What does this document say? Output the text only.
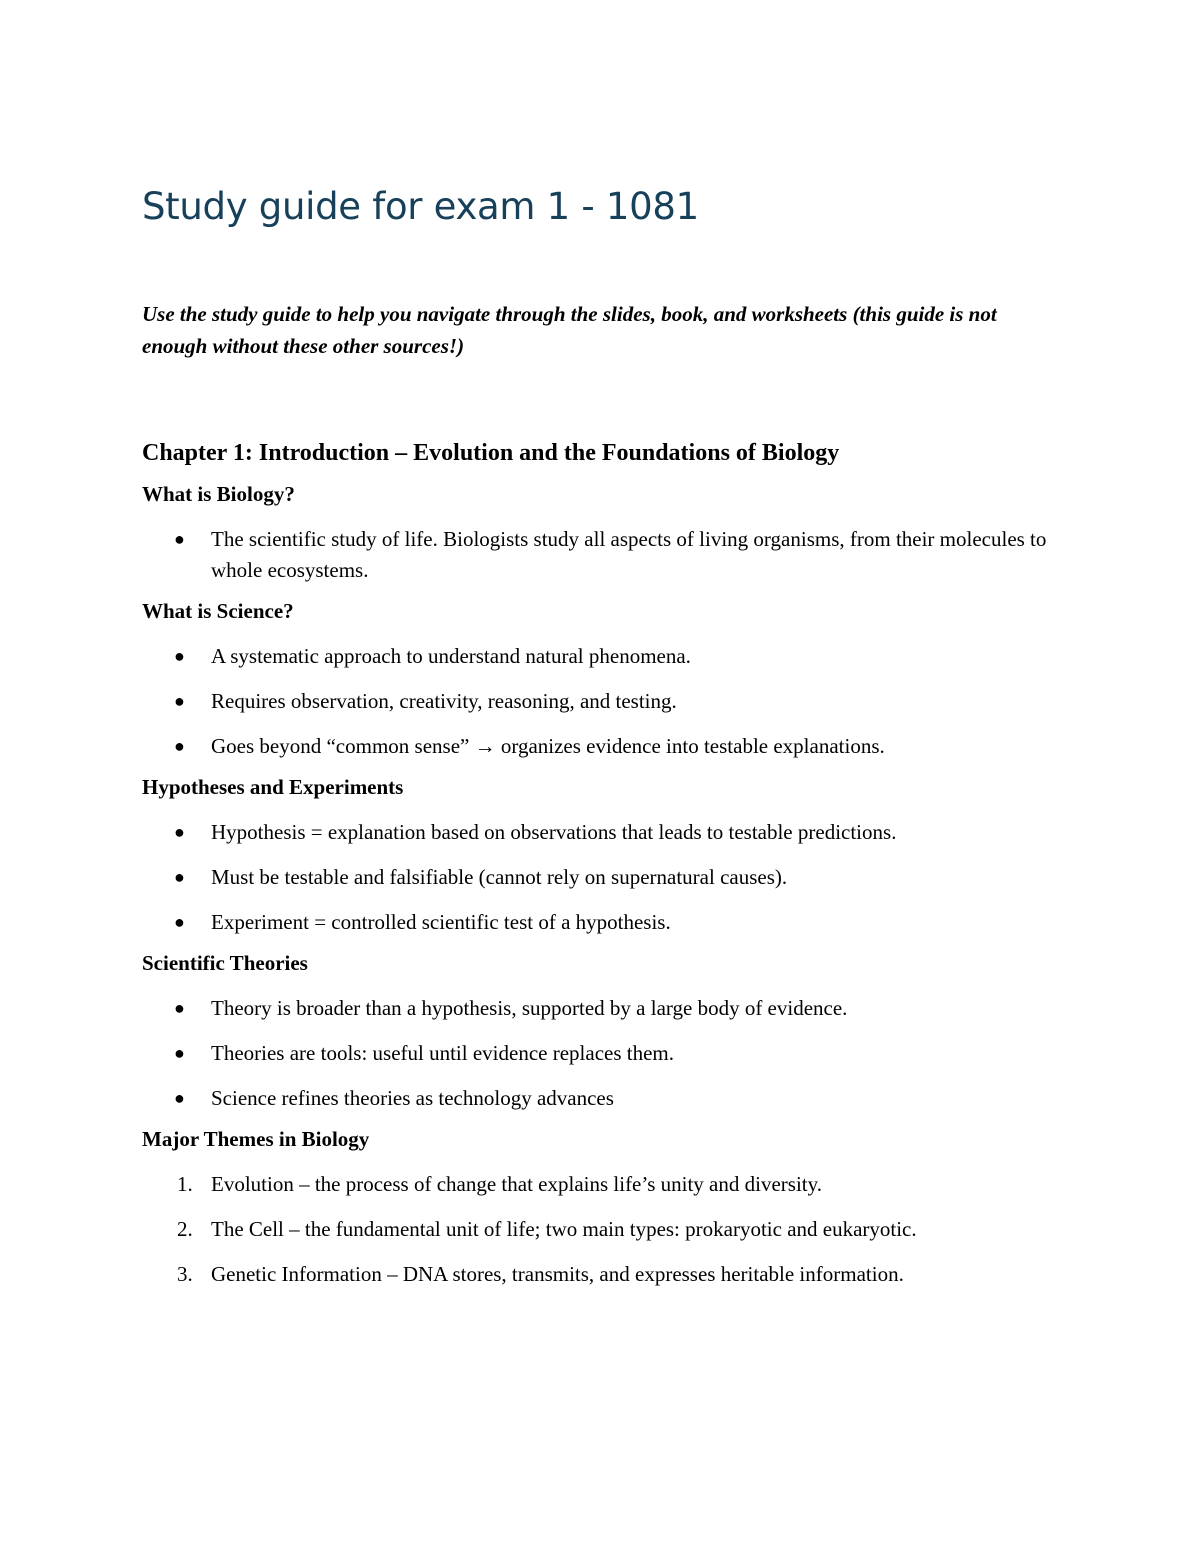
Study guide for exam 1 - 1081

Use the study guide to help you navigate through the slides, book, and worksheets (this guide is not enough without these other sources!)

Chapter 1: Introduction – Evolution and the Foundations of Biology
What is Biology?
●	The scientific study of life. Biologists study all aspects of living organisms, from their molecules to whole ecosystems.
What is Science?
●	A systematic approach to understand natural phenomena.
●	Requires observation, creativity, reasoning, and testing.
●	Goes beyond “common sense” → organizes evidence into testable explanations.
Hypotheses and Experiments
●	Hypothesis = explanation based on observations that leads to testable predictions.
●	Must be testable and falsifiable (cannot rely on supernatural causes).
●	Experiment = controlled scientific test of a hypothesis.
Scientific Theories
●	Theory is broader than a hypothesis, supported by a large body of evidence.
●	Theories are tools: useful until evidence replaces them.
●	Science refines theories as technology advances
Major Themes in Biology
1. Evolution – the process of change that explains life’s unity and diversity.
2. The Cell – the fundamental unit of life; two main types: prokaryotic and eukaryotic.
3. Genetic Information – DNA stores, transmits, and expresses heritable information.
